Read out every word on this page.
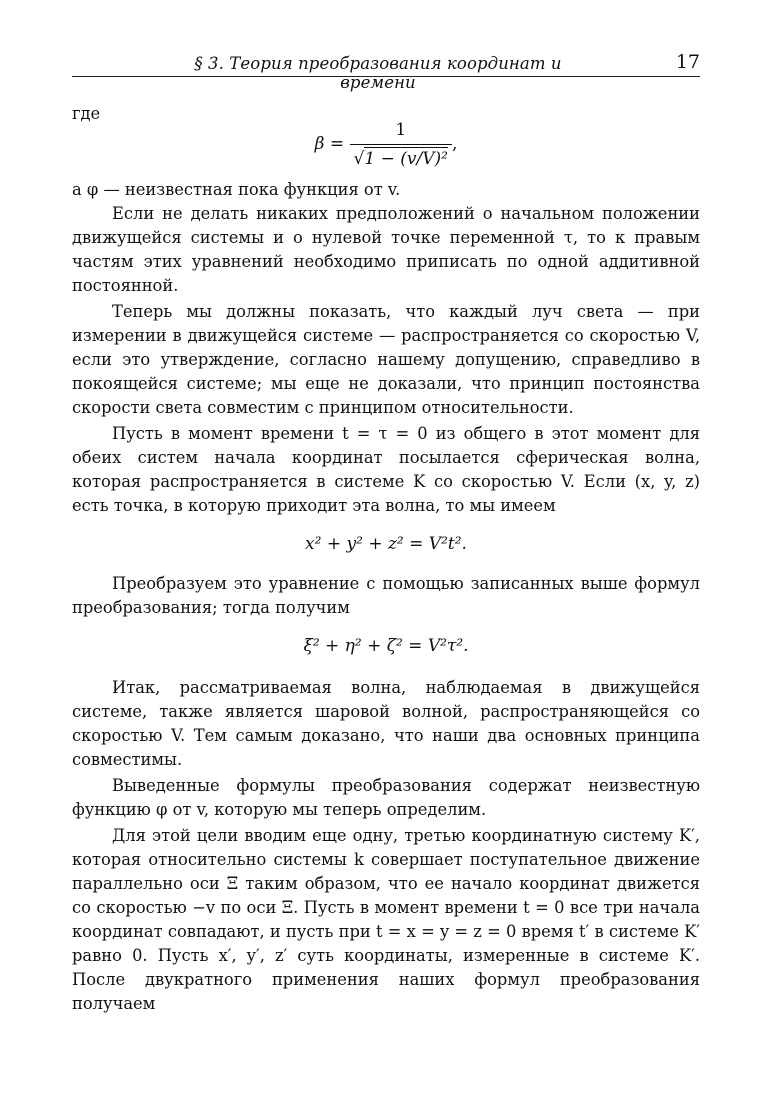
§ 3. Теория преобразования координат и времени
17

где

$\beta = \frac{1}{\text{√1 − (v/V)²}}$ ,

а φ — неизвестная пока функция от v.

Если не делать никаких предположений о начальном положении движущейся системы и о нулевой точке переменной τ, то к правым частям этих уравнений необходимо приписать по одной аддитивной постоянной.

Теперь мы должны показать, что каждый луч света — при измерении в движущейся системе — распространяется со скоростью V, если это утверждение, согласно нашему допущению, справедливо в покоящейся системе; мы еще не доказали, что принцип постоянства скорости света совместим с принципом относительности.

Пусть в момент времени t = τ = 0 из общего в этот момент для обеих систем начала координат посылается сферическая волна, которая распространяется в системе K со скоростью V. Если (x, y, z) есть точка, в которую приходит эта волна, то мы имеем

x² + y² + z² = V²t².

Преобразуем это уравнение с помощью записанных выше формул преобразования; тогда получим

ξ² + η² + ζ² = V²τ².

Итак, рассматриваемая волна, наблюдаемая в движущейся системе, также является шаровой волной, распространяющейся со скоростью V. Тем самым доказано, что наши два основных принципа совместимы.

Выведенные формулы преобразования содержат неизвестную функцию φ от v, которую мы теперь определим.

Для этой цели вводим еще одну, третью координатную систему K′, которая относительно системы k совершает поступательное движение параллельно оси Ξ таким образом, что ее начало координат движется со скоростью −v по оси Ξ. Пусть в момент времени t = 0 все три начала координат совпадают, и пусть при t = x = y = z = 0 время t′ в системе K′ равно 0. Пусть x′, y′, z′ суть координаты, измеренные в системе K′. После двукратного применения наших формул преобразования получаем
